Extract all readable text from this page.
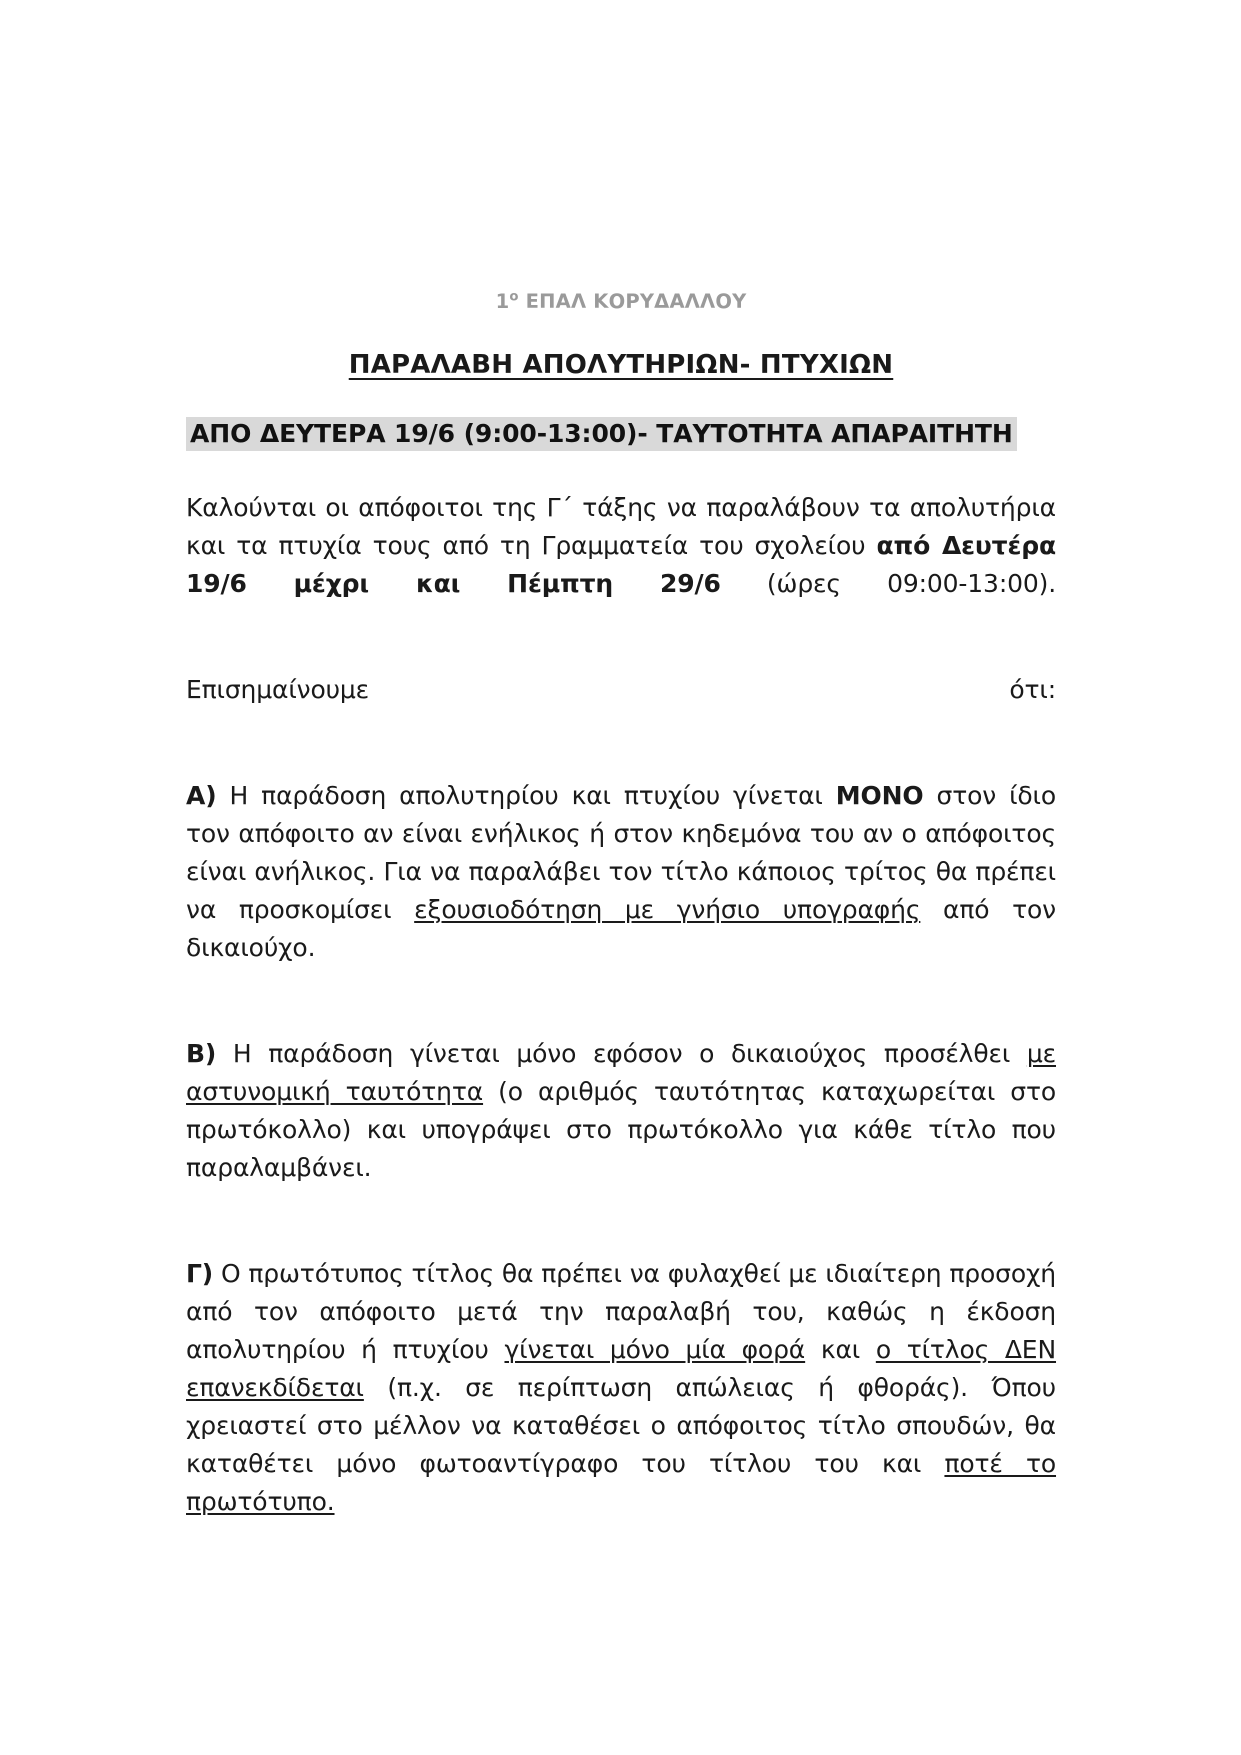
$1^o$ ΕΠΑΛ ΚΟΡΥΔΑΛΛΟΥ
ΠΑΡΑΛΑΒΗ ΑΠΟΛΥΤΗΡΙΩΝ- ΠΤΥΧΙΩΝ
ΑΠΟ ΔΕΥΤΕΡΑ 19/6 (9:00-13:00)- ΤΑΥΤΟΤΗΤΑ ΑΠΑΡΑΙΤΗΤΗ

Καλούνται οι απόφοιτοι της Γ΄ τάξης να παραλάβουν τα απολυτήρια και τα πτυχία τους από τη Γραμματεία του σχολείου από Δευτέρα 19/6 μέχρι και Πέμπτη 29/6 (ώρες 09:00-13:00).

Επισημαίνουμε ότι:

Α) Η παράδοση απολυτηρίου και πτυχίου γίνεται ΜΟΝΟ στον ίδιο τον απόφοιτο αν είναι ενήλικος ή στον κηδεμόνα του αν ο απόφοιτος είναι ανήλικος. Για να παραλάβει τον τίτλο κάποιος τρίτος θα πρέπει να προσκομίσει εξουσιοδότηση με γνήσιο υπογραφής από τον δικαιούχο.

Β) Η παράδοση γίνεται μόνο εφόσον ο δικαιούχος προσέλθει με αστυνομική ταυτότητα (ο αριθμός ταυτότητας καταχωρείται στο πρωτόκολλο) και υπογράψει στο πρωτόκολλο για κάθε τίτλο που παραλαμβάνει.

Γ) Ο πρωτότυπος τίτλος θα πρέπει να φυλαχθεί με ιδιαίτερη προσοχή από τον απόφοιτο μετά την παραλαβή του, καθώς η έκδοση απολυτηρίου ή πτυχίου γίνεται μόνο μία φορά και ο τίτλος ΔΕΝ επανεκδίδεται (π.χ. σε περίπτωση απώλειας ή φθοράς). Όπου χρειαστεί στο μέλλον να καταθέσει ο απόφοιτος τίτλο σπουδών, θα καταθέτει μόνο φωτοαντίγραφο του τίτλου του και ποτέ το πρωτότυπο.
